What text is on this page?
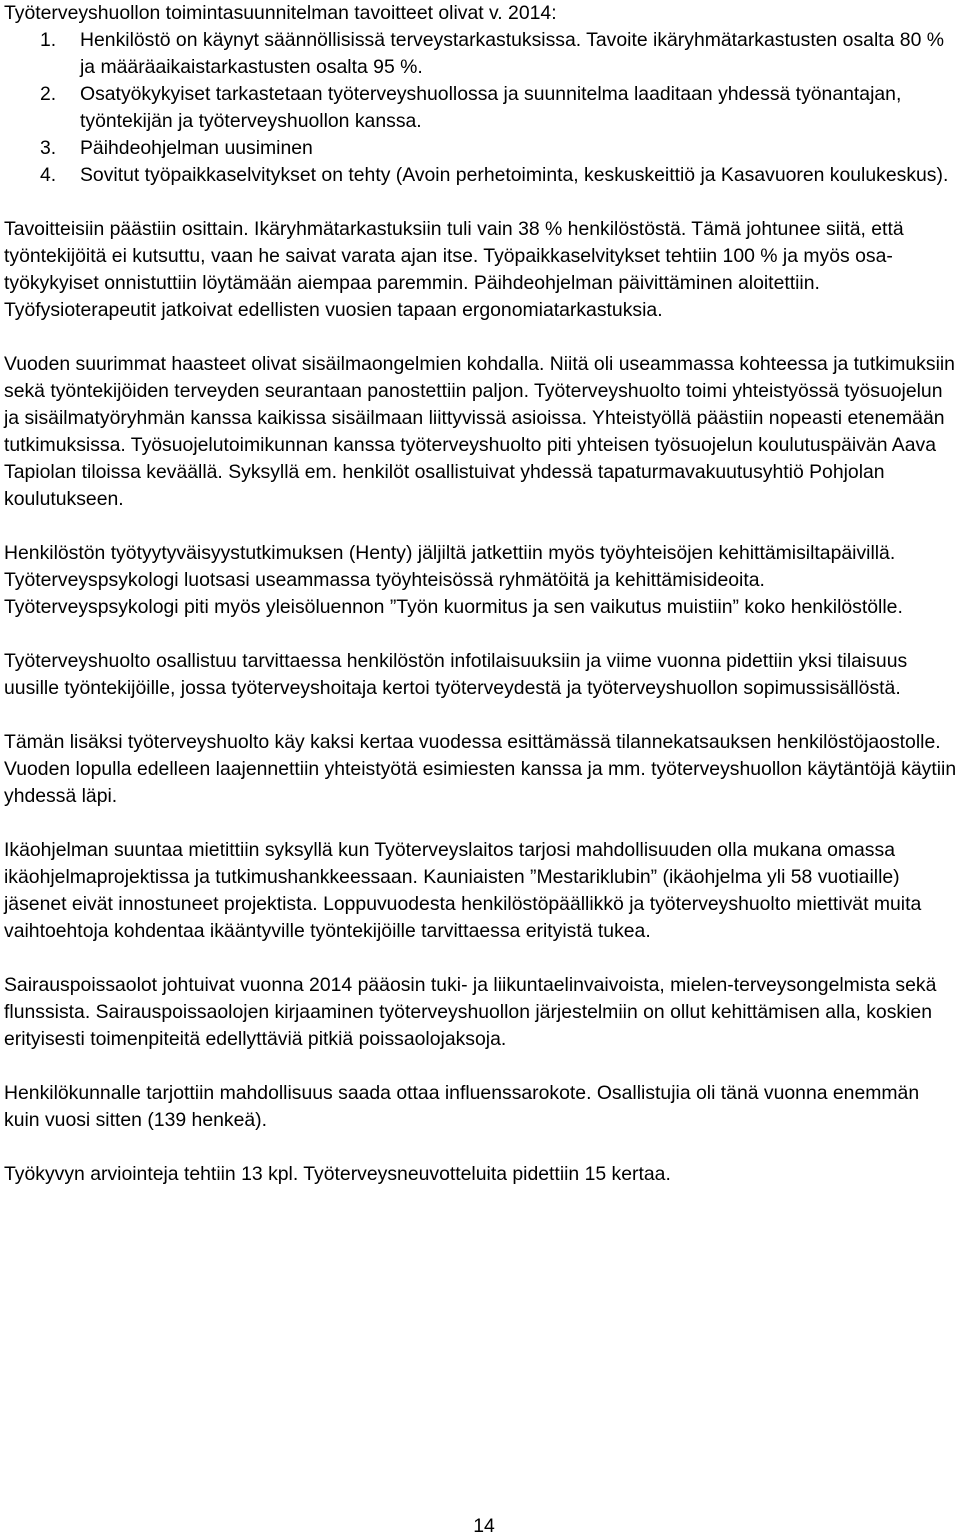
Työterveyshuollon toimintasuunnitelman tavoitteet olivat v. 2014:

1. Henkilöstö on käynyt säännöllisissä terveystarkastuksissa. Tavoite ikäryhmätarkastusten osalta 80 % ja määräaikaistarkastusten osalta 95 %.
2. Osatyökykyiset tarkastetaan työterveyshuollossa ja suunnitelma laaditaan yhdessä työnantajan, työntekijän ja työterveyshuollon kanssa.
3. Päihdeohjelman uusiminen
4. Sovitut työpaikkaselvitykset on tehty (Avoin perhetoiminta, keskuskeittiö ja Kasavuoren koulukeskus).

Tavoitteisiin päästiin osittain. Ikäryhmätarkastuksiin tuli vain 38 % henkilöstöstä. Tämä johtunee siitä, että työntekijöitä ei kutsuttu, vaan he saivat varata ajan itse. Työpaikkaselvitykset tehtiin 100 % ja myös osa-työkykyiset onnistuttiin löytämään aiempaa paremmin. Päihdeohjelman päivittäminen aloitettiin. Työfysioterapeutit jatkoivat edellisten vuosien tapaan ergonomiatarkastuksia.

Vuoden suurimmat haasteet olivat sisäilmaongelmien kohdalla. Niitä oli useammassa kohteessa ja tutkimuksiin sekä työntekijöiden terveyden seurantaan panostettiin paljon. Työterveyshuolto toimi yhteistyössä työsuojelun ja sisäilmatyöryhmän kanssa kaikissa sisäilmaan liittyvissä asioissa. Yhteistyöllä päästiin nopeasti etenemään tutkimuksissa. Työsuojelutoimikunnan kanssa työterveyshuolto piti yhteisen työsuojelun koulutuspäivän Aava Tapiolan tiloissa keväällä. Syksyllä em. henkilöt osallistuivat yhdessä tapaturmavakuutusyhtiö Pohjolan koulutukseen.

Henkilöstön työtyytyväisyystutkimuksen (Henty) jäljiltä jatkettiin myös työyhteisöjen kehittämisiltapäivillä. Työterveyspsykologi luotsasi useammassa työyhteisössä ryhmätöitä ja kehittämisideoita.

Työterveyspsykologi piti myös yleisöluennon ”Työn kuormitus ja sen vaikutus muistiin” koko henkilöstölle.

Työterveyshuolto osallistuu tarvittaessa henkilöstön infotilaisuuksiin ja viime vuonna pidettiin yksi tilaisuus uusille työntekijöille, jossa työterveyshoitaja kertoi työterveydestä ja työterveyshuollon sopimussisällöstä.

Tämän lisäksi työterveyshuolto käy kaksi kertaa vuodessa esittämässä tilannekatsauksen henkilöstöjaostolle. Vuoden lopulla edelleen laajennettiin yhteistyötä esimiesten kanssa ja mm. työterveyshuollon käytäntöjä käytiin yhdessä läpi.

Ikäohjelman suuntaa mietittiin syksyllä kun Työterveyslaitos tarjosi mahdollisuuden olla mukana omassa ikäohjelmaprojektissa ja tutkimushankkeessaan. Kauniaisten ”Mestariklubin” (ikäohjelma yli 58 vuotiaille) jäsenet eivät innostuneet projektista. Loppuvuodesta henkilöstöpäällikkö ja työterveyshuolto miettivät muita vaihtoehtoja kohdentaa ikääntyville työntekijöille tarvittaessa erityistä tukea.

Sairauspoissaolot johtuivat vuonna 2014 pääosin tuki- ja liikuntaelinvaivoista, mielen-terveysongelmista sekä flunssista. Sairauspoissaolojen kirjaaminen työterveyshuollon järjestelmiin on ollut kehittämisen alla, koskien erityisesti toimenpiteitä edellyttäviä pitkiä poissaolojaksoja.

Henkilökunnalle tarjottiin mahdollisuus saada ottaa influenssarokote. Osallistujia oli tänä vuonna enemmän kuin vuosi sitten (139 henkeä).

Työkyvyn arviointeja tehtiin 13 kpl. Työterveysneuvotteluita pidettiin 15 kertaa.

14
